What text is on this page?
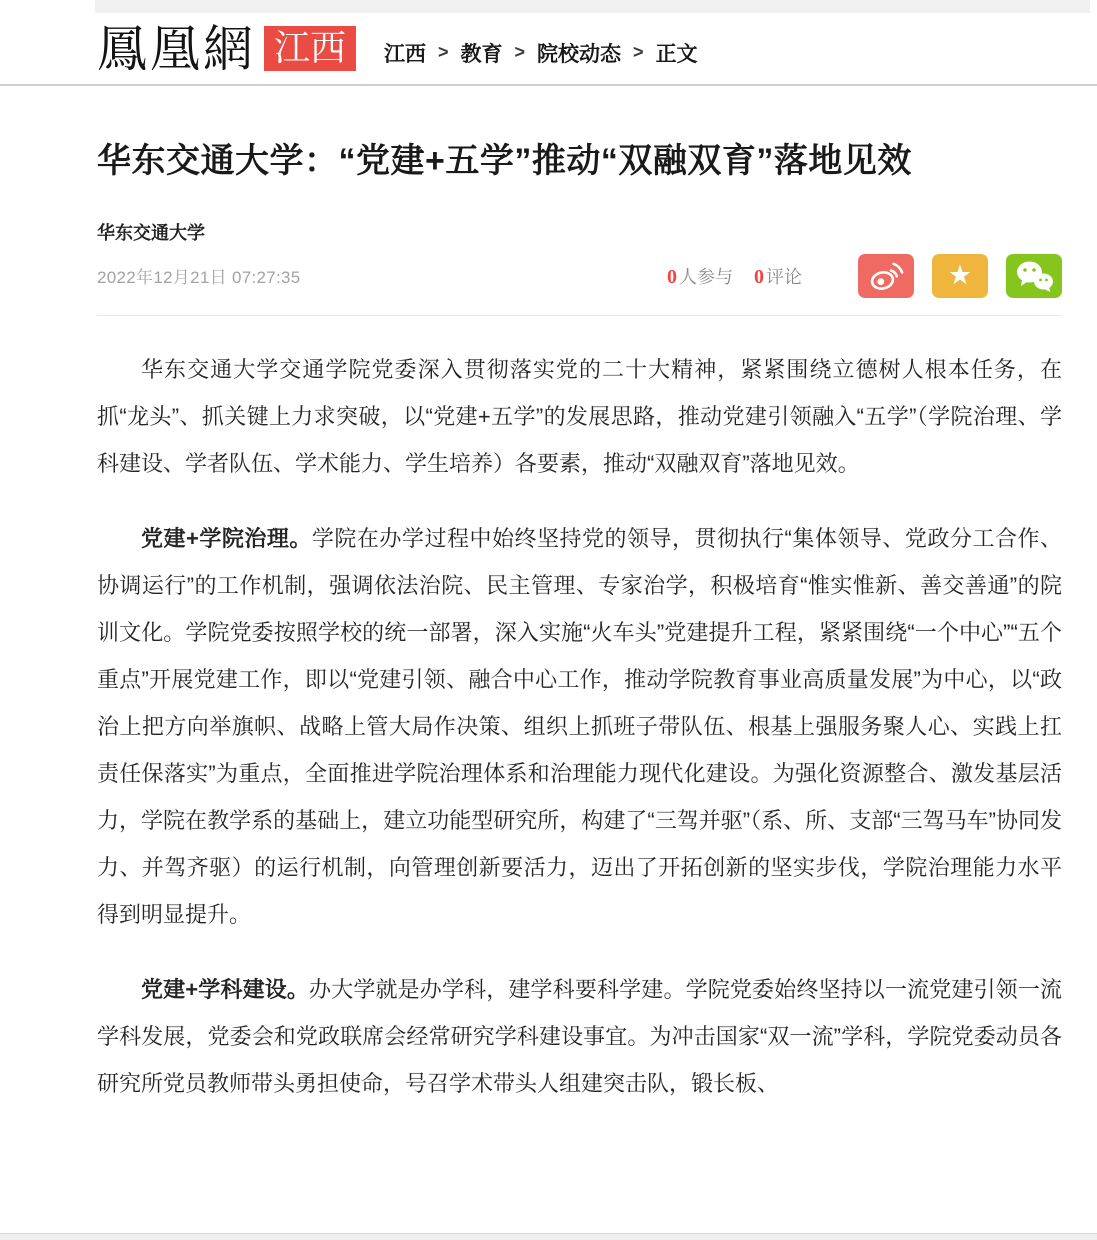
鳳凰網 江西	江西 > 教育 > 院校动态 > 正文
华东交通大学：“党建+五学”推动“双融双育”落地见效
华东交通大学
2022年12月21日 07:27:35	0 人参与 0 评论	★

华东交通大学交通学院党委深入贯彻落实党的二十大精神，紧紧围绕立德树人根本任务，在抓“龙头”、抓关键上力求突破，以“党建+五学”的发展思路，推动党建引领融入“五学”（学院治理、学科建设、学者队伍、学术能力、学生培养）各要素，推动“双融双育”落地见效。

党建+学院治理。学院在办学过程中始终坚持党的领导，贯彻执行“集体领导、党政分工合作、协调运行”的工作机制，强调依法治院、民主管理、专家治学，积极培育“惟实惟新、善交善通”的院训文化。学院党委按照学校的统一部署，深入实施“火车头”党建提升工程，紧紧围绕“一个中心”“五个重点”开展党建工作，即以“党建引领、融合中心工作，推动学院教育事业高质量发展”为中心，以“政治上把方向举旗帜、战略上管大局作决策、组织上抓班子带队伍、根基上强服务聚人心、实践上扛责任保落实”为重点，全面推进学院治理体系和治理能力现代化建设。为强化资源整合、激发基层活力，学院在教学系的基础上，建立功能型研究所，构建了“三驾并驱”（系、所、支部“三驾马车”协同发力、并驾齐驱）的运行机制，向管理创新要活力，迈出了开拓创新的坚实步伐，学院治理能力水平得到明显提升。

党建+学科建设。办大学就是办学科，建学科要科学建。学院党委始终坚持以一流党建引领一流学科发展，党委会和党政联席会经常研究学科建设事宜。为冲击国家“双一流”学科，学院党委动员各研究所党员教师带头勇担使命，号召学术带头人组建突击队，锻长板、
